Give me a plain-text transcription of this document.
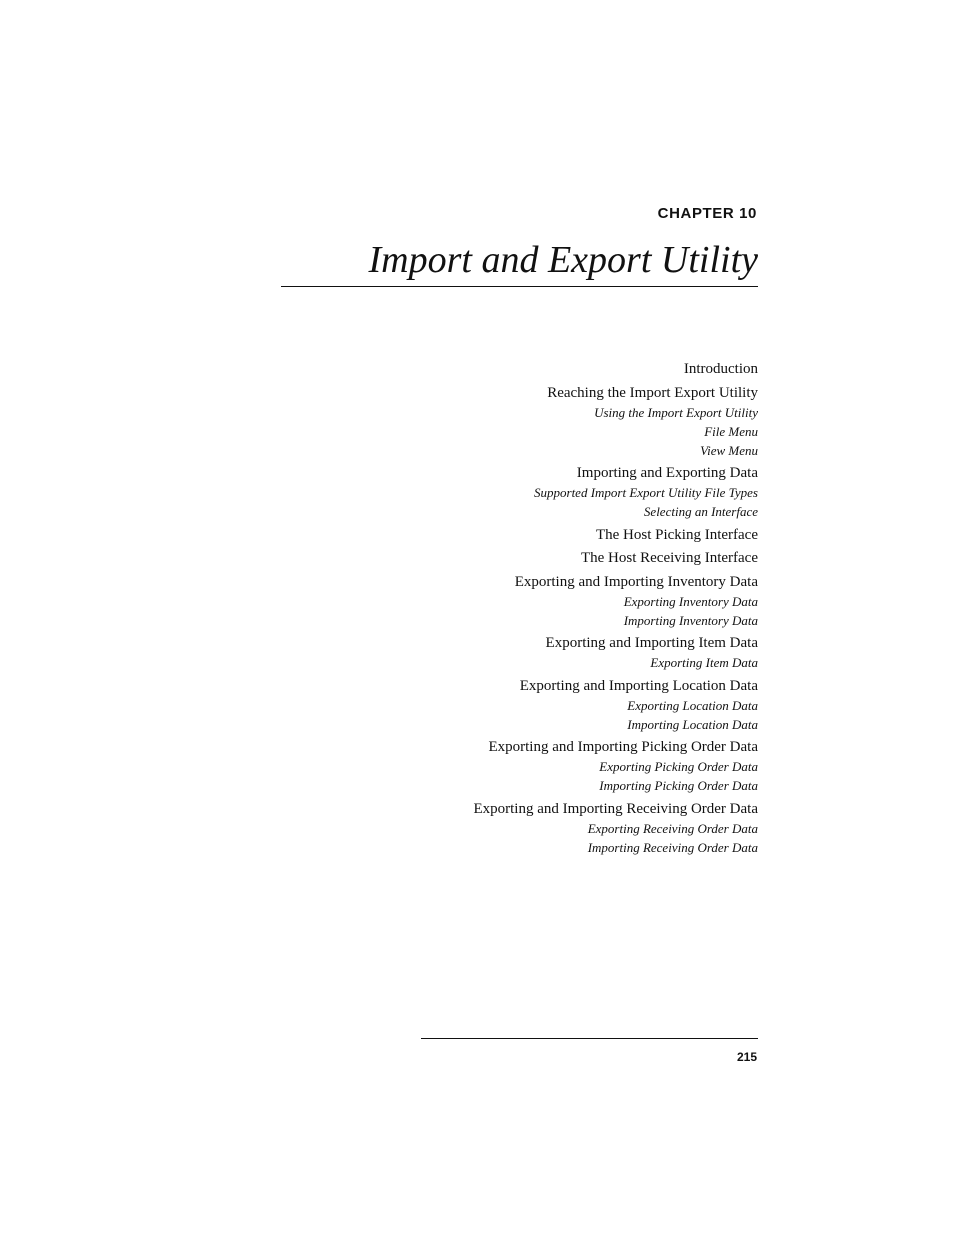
CHAPTER 10
Import and Export Utility
Introduction
Reaching the Import Export Utility
Using the Import Export Utility
File Menu
View Menu
Importing and Exporting Data
Supported Import Export Utility File Types
Selecting an Interface
The Host Picking Interface
The Host Receiving Interface
Exporting and Importing Inventory Data
Exporting Inventory Data
Importing Inventory Data
Exporting and Importing Item Data
Exporting Item Data
Exporting and Importing Location Data
Exporting Location Data
Importing Location Data
Exporting and Importing Picking Order Data
Exporting Picking Order Data
Importing Picking Order Data
Exporting and Importing Receiving Order Data
Exporting Receiving Order Data
Importing Receiving Order Data
215
